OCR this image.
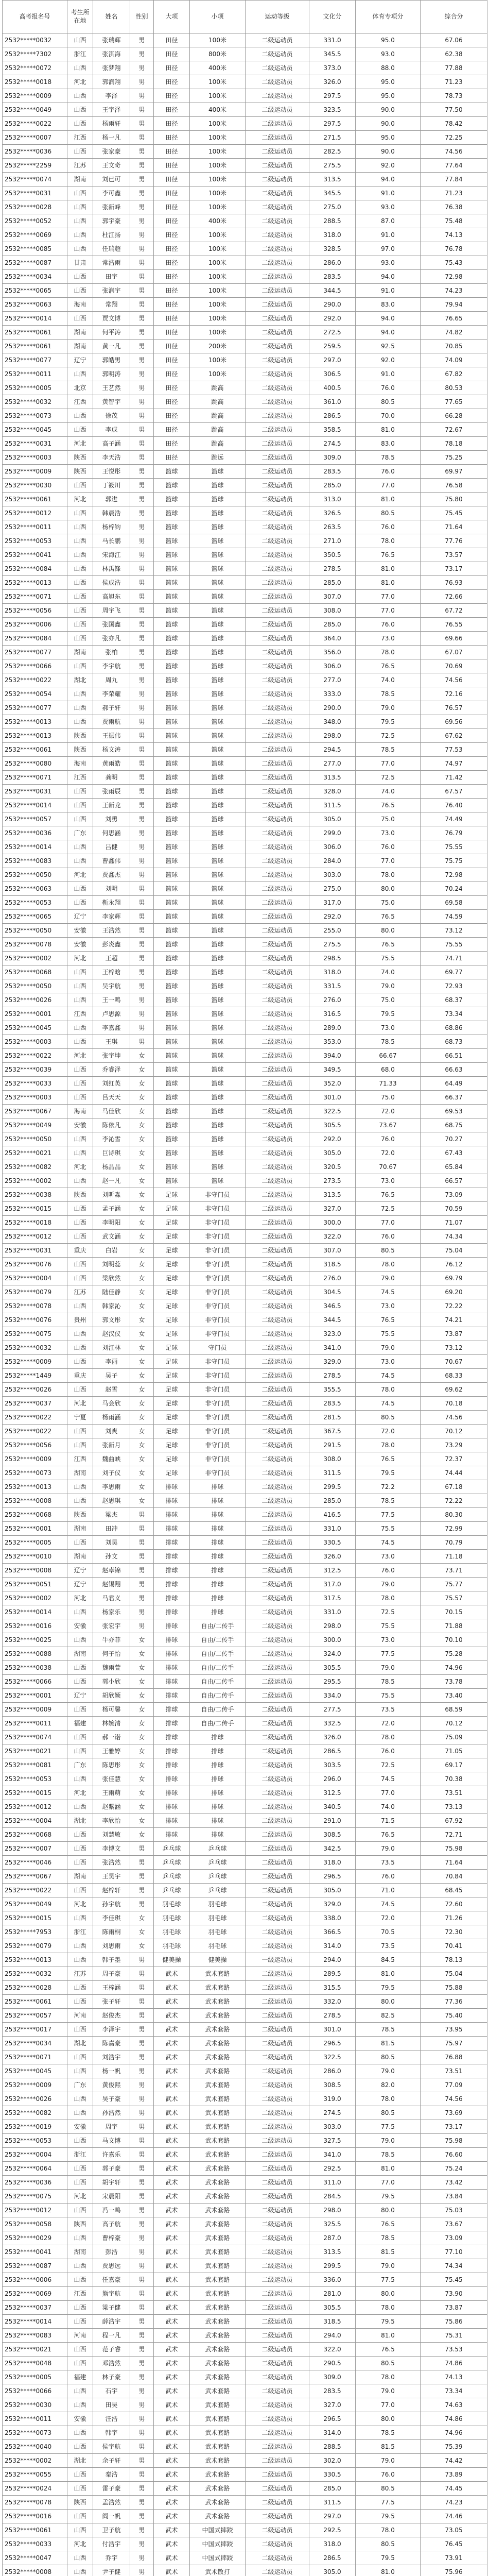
高考报名号	考生所在地	姓名	性别	大项	小项	运动等级	文化分	体育专项分	综合分

2532*****0032	山西	张瑞辉	男	田径	100米	二级运动员	331.0	95.0	67.06
2532*****7302	浙江	张淇海	男	田径	800米	二级运动员	345.5	93.0	62.38
2532*****0072	山西	张梦翔	男	田径	400米	二级运动员	373.0	88.0	77.88
2532*****0018	河北	郭润翔	男	田径	100米	二级运动员	326.0	95.0	71.23
2532*****0009	山西	李泽	男	田径	100米	二级运动员	297.5	95.0	78.73
2532*****0049	山西	王宇泽	男	田径	400米	二级运动员	323.5	90.0	77.50
2532*****0022	山西	杨雨轩	男	田径	100米	二级运动员	297.5	90.0	78.42
2532*****0007	江西	杨一凡	男	田径	100米	二级运动员	271.5	95.0	72.25
2532*****0036	山西	张家豪	男	田径	100米	二级运动员	282.5	90.0	74.56
2532*****2259	江苏	王文奇	男	田径	100米	二级运动员	275.5	92.0	77.64
2532*****0074	湖南	刘已可	男	田径	100米	二级运动员	313.5	94.0	77.84
2532*****0031	山西	李可鑫	男	田径	100米	二级运动员	345.5	91.0	71.23
2532*****0028	山西	张新峰	男	田径	100米	二级运动员	275.0	93.0	76.38
2532*****0052	山西	郭宇豪	男	田径	400米	二级运动员	288.5	87.0	75.48
2532*****0069	山西	杜江扬	男	田径	100米	二级运动员	318.0	91.0	74.13
2532*****0085	山西	任瑞超	男	田径	100米	二级运动员	328.5	97.0	76.78
2532*****0087	甘肃	常浩雨	男	田径	100米	二级运动员	286.0	93.0	75.43
2532*****0034	山西	田宇	男	田径	100米	二级运动员	283.5	94.0	72.98
2532*****0065	山西	张润宇	男	田径	100米	二级运动员	344.5	91.0	74.23
2532*****0063	海南	常翔	男	田径	100米	二级运动员	290.0	83.0	79.94
2532*****0014	山西	贾文博	男	田径	100米	二级运动员	292.0	94.0	76.65
2532*****0061	湖南	何平涛	男	田径	100米	二级运动员	272.5	94.0	74.82
2532*****0061	湖南	黄一凡	男	田径	200米	二级运动员	259.5	92.5	70.85
2532*****0077	辽宁	郭皓男	男	田径	100米	二级运动员	297.0	92.0	74.09
2532*****0011	山西	郭明涛	男	田径	100米	二级运动员	306.5	91.0	67.82
2532*****0005	北京	王艺然	男	田径	跳高	二级运动员	400.5	76.0	80.53
2532*****0032	江西	黄智宇	男	田径	跳高	二级运动员	361.0	80.5	77.65
2532*****0073	山西	徐茂	男	田径	跳高	二级运动员	286.5	70.0	66.28
2532*****0045	山西	李成	男	田径	跳高	二级运动员	358.5	81.0	72.67
2532*****0031	河北	高子涵	男	田径	跳高	二级运动员	274.5	83.0	78.18
2532*****0003	陕西	李天浩	男	田径	跳远	二级运动员	309.0	78.5	75.25
2532*****0009	陕西	王悦彤	男	篮球	篮球	二级运动员	283.5	76.0	69.97
2532*****0030	山西	丁筱川	男	篮球	篮球	二级运动员	285.0	77.0	76.58
2532*****0061	河北	郭进	男	篮球	篮球	二级运动员	313.0	81.0	75.80
2532*****0012	山西	韩晨浩	男	篮球	篮球	二级运动员	326.5	80.5	75.45
2532*****0011	山西	杨梓钧	男	篮球	篮球	二级运动员	263.5	76.0	71.64
2532*****0053	山西	马长鹏	男	篮球	篮球	二级运动员	271.0	78.0	77.76
2532*****0041	山西	宋海江	男	篮球	篮球	二级运动员	350.5	76.5	73.57
2532*****0084	山西	林禹锋	男	篮球	篮球	二级运动员	278.5	81.0	73.17
2532*****0013	山西	侯成浩	男	篮球	篮球	二级运动员	285.0	81.0	76.93
2532*****0071	山西	高旭东	男	篮球	篮球	二级运动员	307.0	77.0	72.66
2532*****0056	山西	周宇飞	男	篮球	篮球	二级运动员	308.0	77.0	67.72
2532*****0006	山西	张国鑫	男	篮球	篮球	二级运动员	285.0	76.0	76.55
2532*****0084	山西	张亦凡	男	篮球	篮球	二级运动员	364.0	73.0	69.66
2532*****0077	湖南	张柏	男	篮球	篮球	二级运动员	356.0	78.0	67.07
2532*****0066	山西	李宇航	男	篮球	篮球	二级运动员	306.0	76.5	70.69
2532*****0022	湖北	周九	男	篮球	篮球	二级运动员	277.0	74.0	74.56
2532*****0054	山西	李荣耀	男	篮球	篮球	二级运动员	333.0	78.5	72.16
2532*****0077	山西	郝子轩	男	篮球	篮球	二级运动员	290.0	79.0	76.57
2532*****0013	山西	贾雨航	男	篮球	篮球	二级运动员	348.0	79.5	69.56
2532*****0013	陕西	王振伟	男	篮球	篮球	二级运动员	298.0	72.5	67.62
2532*****0061	陕西	杨文涛	男	篮球	篮球	二级运动员	294.5	78.5	77.53
2532*****0080	海南	黄雨皓	男	篮球	篮球	二级运动员	277.0	77.0	74.97
2532*****0071	江西	龚明	男	篮球	篮球	二级运动员	313.5	72.5	71.42
2532*****0031	山西	张雨辰	男	篮球	篮球	二级运动员	328.0	74.0	67.57
2532*****0014	山西	王新龙	男	篮球	篮球	二级运动员	311.5	76.5	76.40
2532*****0057	山西	刘勇	男	篮球	篮球	二级运动员	305.0	75.0	74.49
2532*****0036	广东	何思涵	男	篮球	篮球	二级运动员	299.0	73.0	76.79
2532*****0014	山西	吕健	男	篮球	篮球	二级运动员	306.0	76.0	75.55
2532*****0083	山西	曹鑫伟	男	篮球	篮球	二级运动员	284.0	77.0	75.75
2532*****0050	河北	贾鑫杰	男	篮球	篮球	二级运动员	303.0	78.0	72.98
2532*****0063	山西	刘明	男	篮球	篮球	二级运动员	275.0	80.0	70.24
2532*****0053	山西	靳永翔	男	篮球	篮球	二级运动员	317.0	75.0	69.58
2532*****0065	辽宁	李家辉	男	篮球	篮球	二级运动员	292.0	76.5	74.59
2532*****0050	安徽	王浩然	男	篮球	篮球	二级运动员	255.0	80.0	73.12
2532*****0078	安徽	彭炎鑫	男	篮球	篮球	二级运动员	275.5	76.5	75.55
2532*****0002	河北	王超	男	篮球	篮球	二级运动员	298.5	75.5	74.71
2532*****0068	山西	王梓晗	男	篮球	篮球	二级运动员	318.0	74.0	69.77
2532*****0050	山西	吴宇航	男	篮球	篮球	二级运动员	331.5	79.0	72.93
2532*****0026	山西	王一鸣	男	篮球	篮球	二级运动员	276.0	75.0	68.37
2532*****0001	江西	卢思源	男	篮球	篮球	二级运动员	316.5	79.5	73.34
2532*****0045	山西	李嘉鑫	男	篮球	篮球	二级运动员	289.0	73.0	68.86
2532*****0003	山西	王琪	男	篮球	篮球	二级运动员	353.0	78.5	68.73
2532*****0022	河北	张宇坤	女	篮球	篮球	二级运动员	394.0	66.67	66.51
2532*****0039	山西	乔睿泽	女	篮球	篮球	二级运动员	349.5	68.0	66.63
2532*****0033	山西	刘红英	女	篮球	篮球	二级运动员	352.0	71.33	64.49
2532*****0003	山西	吕天天	女	篮球	篮球	二级运动员	301.0	75.0	66.37
2532*****0067	海南	马佳欣	女	篮球	篮球	二级运动员	322.5	72.0	69.53
2532*****0049	安徽	陈依凡	女	篮球	篮球	二级运动员	305.5	73.67	68.75
2532*****0050	山西	李沁雪	女	篮球	篮球	二级运动员	292.0	76.0	70.27
2532*****0021	山西	巨诗琪	女	篮球	篮球	二级运动员	305.0	72.0	67.43
2532*****0082	河北	杨晶晶	女	篮球	篮球	二级运动员	320.5	70.67	65.84
2532*****0002	山西	赵一凡	女	篮球	篮球	二级运动员	273.5	73.0	66.57
2532*****0038	陕西	刘昕淼	女	足球	非守门员	二级运动员	313.5	76.5	73.09
2532*****0015	山西	孟子涵	女	足球	非守门员	二级运动员	327.0	72.5	70.59
2532*****0018	山西	李明阳	女	足球	非守门员	二级运动员	300.0	77.0	71.07
2532*****0012	山西	武文涵	女	足球	非守门员	二级运动员	322.0	76.0	74.34
2532*****0031	重庆	白岩	女	足球	非守门员	二级运动员	307.0	80.5	75.04
2532*****0076	山西	刘明蕊	女	足球	非守门员	二级运动员	318.5	78.0	76.12
2532*****0004	山西	梁欣然	女	足球	非守门员	二级运动员	276.0	79.0	69.79
2532*****0079	江苏	陆佳静	女	足球	非守门员	二级运动员	304.5	74.5	69.20
2532*****0078	山西	韩家沁	女	足球	非守门员	二级运动员	346.5	73.0	72.22
2532*****0076	贵州	郭文彤	女	足球	非守门员	二级运动员	344.5	76.5	74.21
2532*****0075	山西	赵汉仪	女	足球	非守门员	二级运动员	323.0	75.5	73.87
2532*****0032	山西	刘江林	女	足球	守门员	二级运动员	341.0	79.0	73.12
2532*****0009	山西	李丽	女	足球	非守门员	二级运动员	329.0	73.0	70.67
2532*****1449	重庆	吴子	女	足球	非守门员	二级运动员	278.5	74.5	68.33
2532*****0026	山西	赵雪	女	足球	非守门员	二级运动员	355.5	78.0	69.62
2532*****0037	河北	马会欣	女	足球	非守门员	二级运动员	283.5	74.5	70.18
2532*****0022	宁夏	杨雨涵	女	足球	非守门员	二级运动员	281.5	80.5	74.56
2532*****0022	山西	刘爽	女	足球	非守门员	二级运动员	367.5	72.0	70.12
2532*****0056	山西	张新月	女	足球	非守门员	二级运动员	291.5	78.0	73.29
2532*****0009	江西	魏曲峡	女	足球	非守门员	二级运动员	308.0	76.5	72.37
2532*****0073	湖南	刘子仪	女	足球	非守门员	二级运动员	311.5	79.5	74.44
2532*****0013	山西	李思雨	女	排球	排球	二级运动员	299.5	72.2	67.18
2532*****0008	山西	赵思琪	女	排球	排球	二级运动员	285.0	78.5	72.22
2532*****0068	陕西	梁杰	男	排球	排球	二级运动员	416.5	77.5	80.30
2532*****0001	湖南	田冲	男	排球	排球	二级运动员	331.0	75.5	72.99
2532*****0005	山西	刘昊	男	排球	排球	二级运动员	330.5	74.5	70.79
2532*****0010	湖南	孙文	男	排球	排球	二级运动员	326.0	73.0	71.18
2532*****0008	辽宁	赵卓锦	男	排球	排球	二级运动员	312.5	76.0	73.71
2532*****0051	辽宁	赵锡翔	男	排球	排球	二级运动员	317.0	79.0	75.77
2532*****0002	河北	马君义	男	排球	排球	二级运动员	317.5	78.0	75.57
2532*****0014	山西	杨家乐	男	排球	排球	二级运动员	331.0	72.5	70.15
2532*****0016	安徽	张宏宇	男	排球	自由/二传手	二级运动员	298.0	75.5	71.88
2532*****0025	山西	牛亦菲	女	排球	自由/二传手	二级运动员	300.0	73.0	70.10
2532*****0088	湖南	何子怡	女	排球	自由/二传手	二级运动员	324.0	77.5	75.28
2532*****0038	山西	魏雨萱	女	排球	自由/二传手	二级运动员	305.5	79.0	74.96
2532*****0066	山西	郭小欣	女	排球	自由/二传手	二级运动员	295.5	78.5	73.78
2532*****0001	辽宁	胡欣颖	女	排球	自由/二传手	二级运动员	334.0	75.5	73.40
2532*****0009	山西	杨可馨	女	排球	自由/二传手	二级运动员	277.5	73.5	68.59
2532*****0011	福建	林婉清	女	排球	自由/二传手	二级运动员	332.5	72.0	70.12
2532*****0074	山西	郝一诺	女	排球	排球	二级运动员	326.0	78.0	75.09
2532*****0021	山西	王雅婷	女	排球	排球	二级运动员	286.5	76.0	71.05
2532*****0081	广东	陈思彤	女	排球	排球	二级运动员	303.5	72.5	69.17
2532*****0053	山西	张佳慧	女	排球	排球	二级运动员	296.0	74.5	70.38
2532*****0015	河北	王雨萌	女	排球	排球	二级运动员	312.5	77.0	73.51
2532*****0012	山西	赵紫涵	女	排球	排球	二级运动员	340.5	74.0	73.13
2532*****0004	湖北	李欣怡	女	排球	排球	二级运动员	291.0	71.5	67.92
2532*****0068	山西	刘慧敏	女	排球	排球	二级运动员	308.5	76.5	72.71
2532*****0007	山西	李博文	男	乒乓球	乒乓球	二级运动员	342.5	79.0	75.98
2532*****0046	山西	张浩然	男	乒乓球	乒乓球	二级运动员	318.0	73.5	71.64
2532*****0067	湖南	王昊宇	男	乒乓球	乒乓球	二级运动员	296.5	76.0	70.84
2532*****0022	山西	赵梓轩	男	乒乓球	乒乓球	二级运动员	305.0	71.0	68.45
2532*****0049	河北	孙宇航	男	羽毛球	羽毛球	二级运动员	329.0	74.5	72.60
2532*****0015	山西	李佳琪	女	羽毛球	羽毛球	二级运动员	338.0	72.0	71.26
2532*****7953	浙江	陈雨桐	女	羽毛球	羽毛球	二级运动员	366.5	70.5	72.30
2532*****0079	山西	刘思雨	女	羽毛球	羽毛球	二级运动员	314.0	73.5	70.41
2532*****0013	山西	韩子墨	男	健美操	健美操	一级运动员	294.0	84.5	78.13
2532*****0032	江苏	周子豪	男	武术	武术套路	二级运动员	289.5	81.0	75.04
2532*****0028	山西	王梓涵	男	武术	武术套路	二级运动员	315.5	79.5	75.88
2532*****0061	山西	张子轩	男	武术	武术套路	二级运动员	332.0	80.0	77.36
2532*****0057	河南	赵俊杰	男	武术	武术套路	二级运动员	278.5	82.5	75.40
2532*****0017	山西	李泽宇	男	武术	武术套路	二级运动员	301.0	78.5	73.95
2532*****0034	湖北	陈嘉豪	男	武术	武术套路	二级运动员	296.5	81.5	75.97
2532*****0071	山西	刘浩宇	男	武术	武术套路	二级运动员	322.5	80.5	76.88
2532*****0045	山西	杨一帆	男	武术	武术套路	二级运动员	286.0	79.0	73.51
2532*****0009	广东	黄俊熙	男	武术	武术套路	二级运动员	308.5	82.0	77.09
2532*****0026	山西	吴子豪	男	武术	武术套路	二级运动员	319.0	78.0	74.56
2532*****0082	山西	孙浩然	男	武术	武术套路	二级运动员	274.5	80.5	73.69
2532*****0019	安徽	周宇	男	武术	武术套路	二级运动员	303.0	77.5	73.17
2532*****0053	山西	马文博	男	武术	武术套路	二级运动员	327.5	79.0	75.98
2532*****0004	浙江	许嘉乐	男	武术	武术套路	二级运动员	341.0	78.5	76.60
2532*****0064	山西	郭子豪	男	武术	武术套路	二级运动员	292.5	81.0	75.24
2532*****0036	山西	胡宇轩	男	武术	武术套路	二级运动员	311.0	77.0	73.42
2532*****0075	河北	宋晨阳	男	武术	武术套路	二级运动员	284.5	79.5	73.84
2532*****0012	山西	冯一鸣	男	武术	武术套路	二级运动员	298.0	80.0	75.03
2532*****0058	陕西	高子航	男	武术	武术套路	二级运动员	325.5	76.5	73.67
2532*****0029	山西	曹梓豪	男	武术	武术套路	二级运动员	287.0	78.5	73.09
2532*****0041	湖南	彭浩	男	武术	武术套路	二级运动员	313.5	81.5	77.10
2532*****0087	山西	贾思远	男	武术	武术套路	二级运动员	299.5	79.0	74.34
2532*****0006	山西	任嘉豪	男	武术	武术套路	二级运动员	336.0	77.5	75.45
2532*****0069	江西	熊宇航	男	武术	武术套路	二级运动员	281.0	80.0	73.90
2532*****0037	山西	梁子健	男	武术	武术套路	二级运动员	305.5	78.0	73.87
2532*****0014	山西	薛浩宇	男	武术	武术套路	二级运动员	318.5	79.5	75.86
2532*****0083	河南	程一凡	男	武术	武术套路	二级运动员	294.0	81.0	75.31
2532*****0021	山西	范子睿	男	武术	武术套路	二级运动员	322.0	76.5	73.53
2532*****0048	山西	邓浩然	男	武术	武术套路	二级运动员	290.5	80.5	74.86
2532*****0005	福建	林子豪	男	武术	武术套路	二级运动员	309.0	78.0	74.13
2532*****0066	山西	石宇	男	武术	武术套路	二级运动员	283.5	79.0	73.34
2532*****0030	山西	田昊	男	武术	武术套路	二级运动员	327.0	77.0	74.63
2532*****0011	安徽	汪浩	男	武术	武术套路	二级运动员	296.5	80.0	74.86
2532*****0073	山西	韩宇	男	武术	武术套路	二级运动员	314.0	78.5	74.96
2532*****0040	山西	侯宇航	男	武术	武术套路	二级运动员	288.5	81.5	75.39
2532*****0002	湖北	余子轩	男	武术	武术套路	二级运动员	302.0	79.0	74.42
2532*****0055	山西	秦浩	男	武术	武术套路	二级运动员	330.5	76.0	73.89
2532*****0024	山西	雷子豪	男	武术	武术套路	二级运动员	285.0	80.5	74.45
2532*****0078	陕西	孟浩然	男	武术	武术套路	二级运动员	311.5	77.5	74.23
2532*****0016	山西	阎一帆	男	武术	武术套路	二级运动员	297.0	79.5	74.46
2532*****0061	山西	卫子航	男	武术	中国式摔跤	二级运动员	292.5	78.0	73.05
2532*****0033	河北	付浩宇	男	武术	中国式摔跤	二级运动员	318.0	80.5	76.45
2532*****0047	山西	乔宇	男	武术	中国式摔跤	二级运动员	286.5	79.5	73.91
2532*****0008	山西	尹子健	男	武术	武术散打	二级运动员	305.0	81.0	75.96
